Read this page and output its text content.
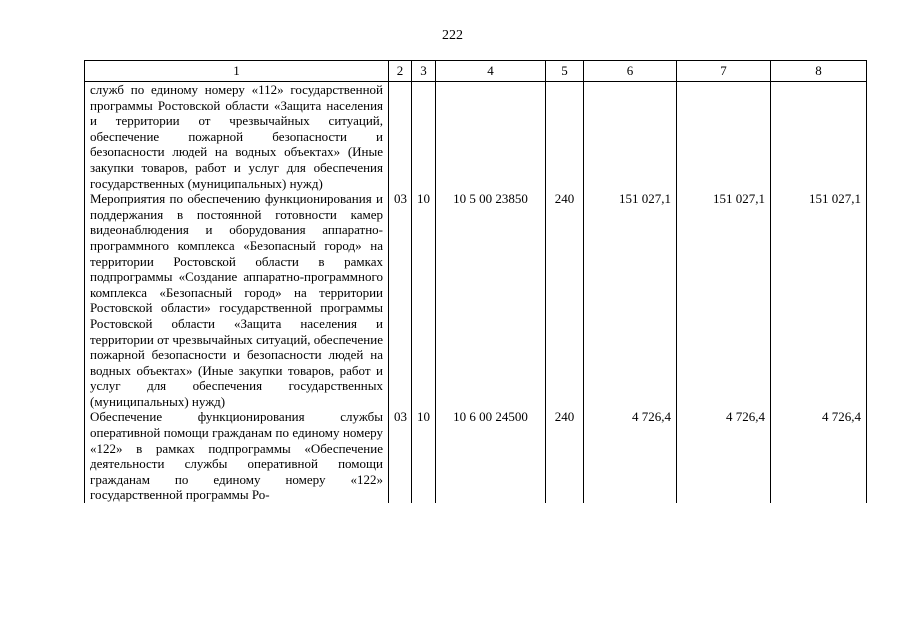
222
1	2	3	4	5	6	7	8
служб по единому номеру «112» государственной программы Ростовской области «Защита населения и территории от чрезвычайных ситуаций, обеспечение пожарной безопасности и безопасности людей на водных объектах» (Иные закупки товаров, работ и услуг для обеспечения государственных (муниципальных) нужд)							
Мероприятия по обеспечению функционирования и поддержания в постоянной готовности камер видеонаблюдения и оборудования аппаратно-программного комплекса «Безопасный город» на территории Ростовской области в рамках подпрограммы «Создание аппаратно-программного комплекса «Безопасный город» на территории Ростовской области» государственной программы Ростовской области «Защита населения и территории от чрезвычайных ситуаций, обеспечение пожарной безопасности и безопасности людей на водных объектах» (Иные закупки товаров, работ и услуг для обеспечения государственных (муниципальных) нужд)	03	10	10 5 00 23850	240	151 027,1	151 027,1	151 027,1
Обеспечение функционирования службы оперативной помощи гражданам по единому номеру «122» в рамках подпрограммы «Обеспечение деятельности службы оперативной помощи гражданам по единому номеру «122» государственной программы Ро-	03	10	10 6 00 24500	240	4 726,4	4 726,4	4 726,4
